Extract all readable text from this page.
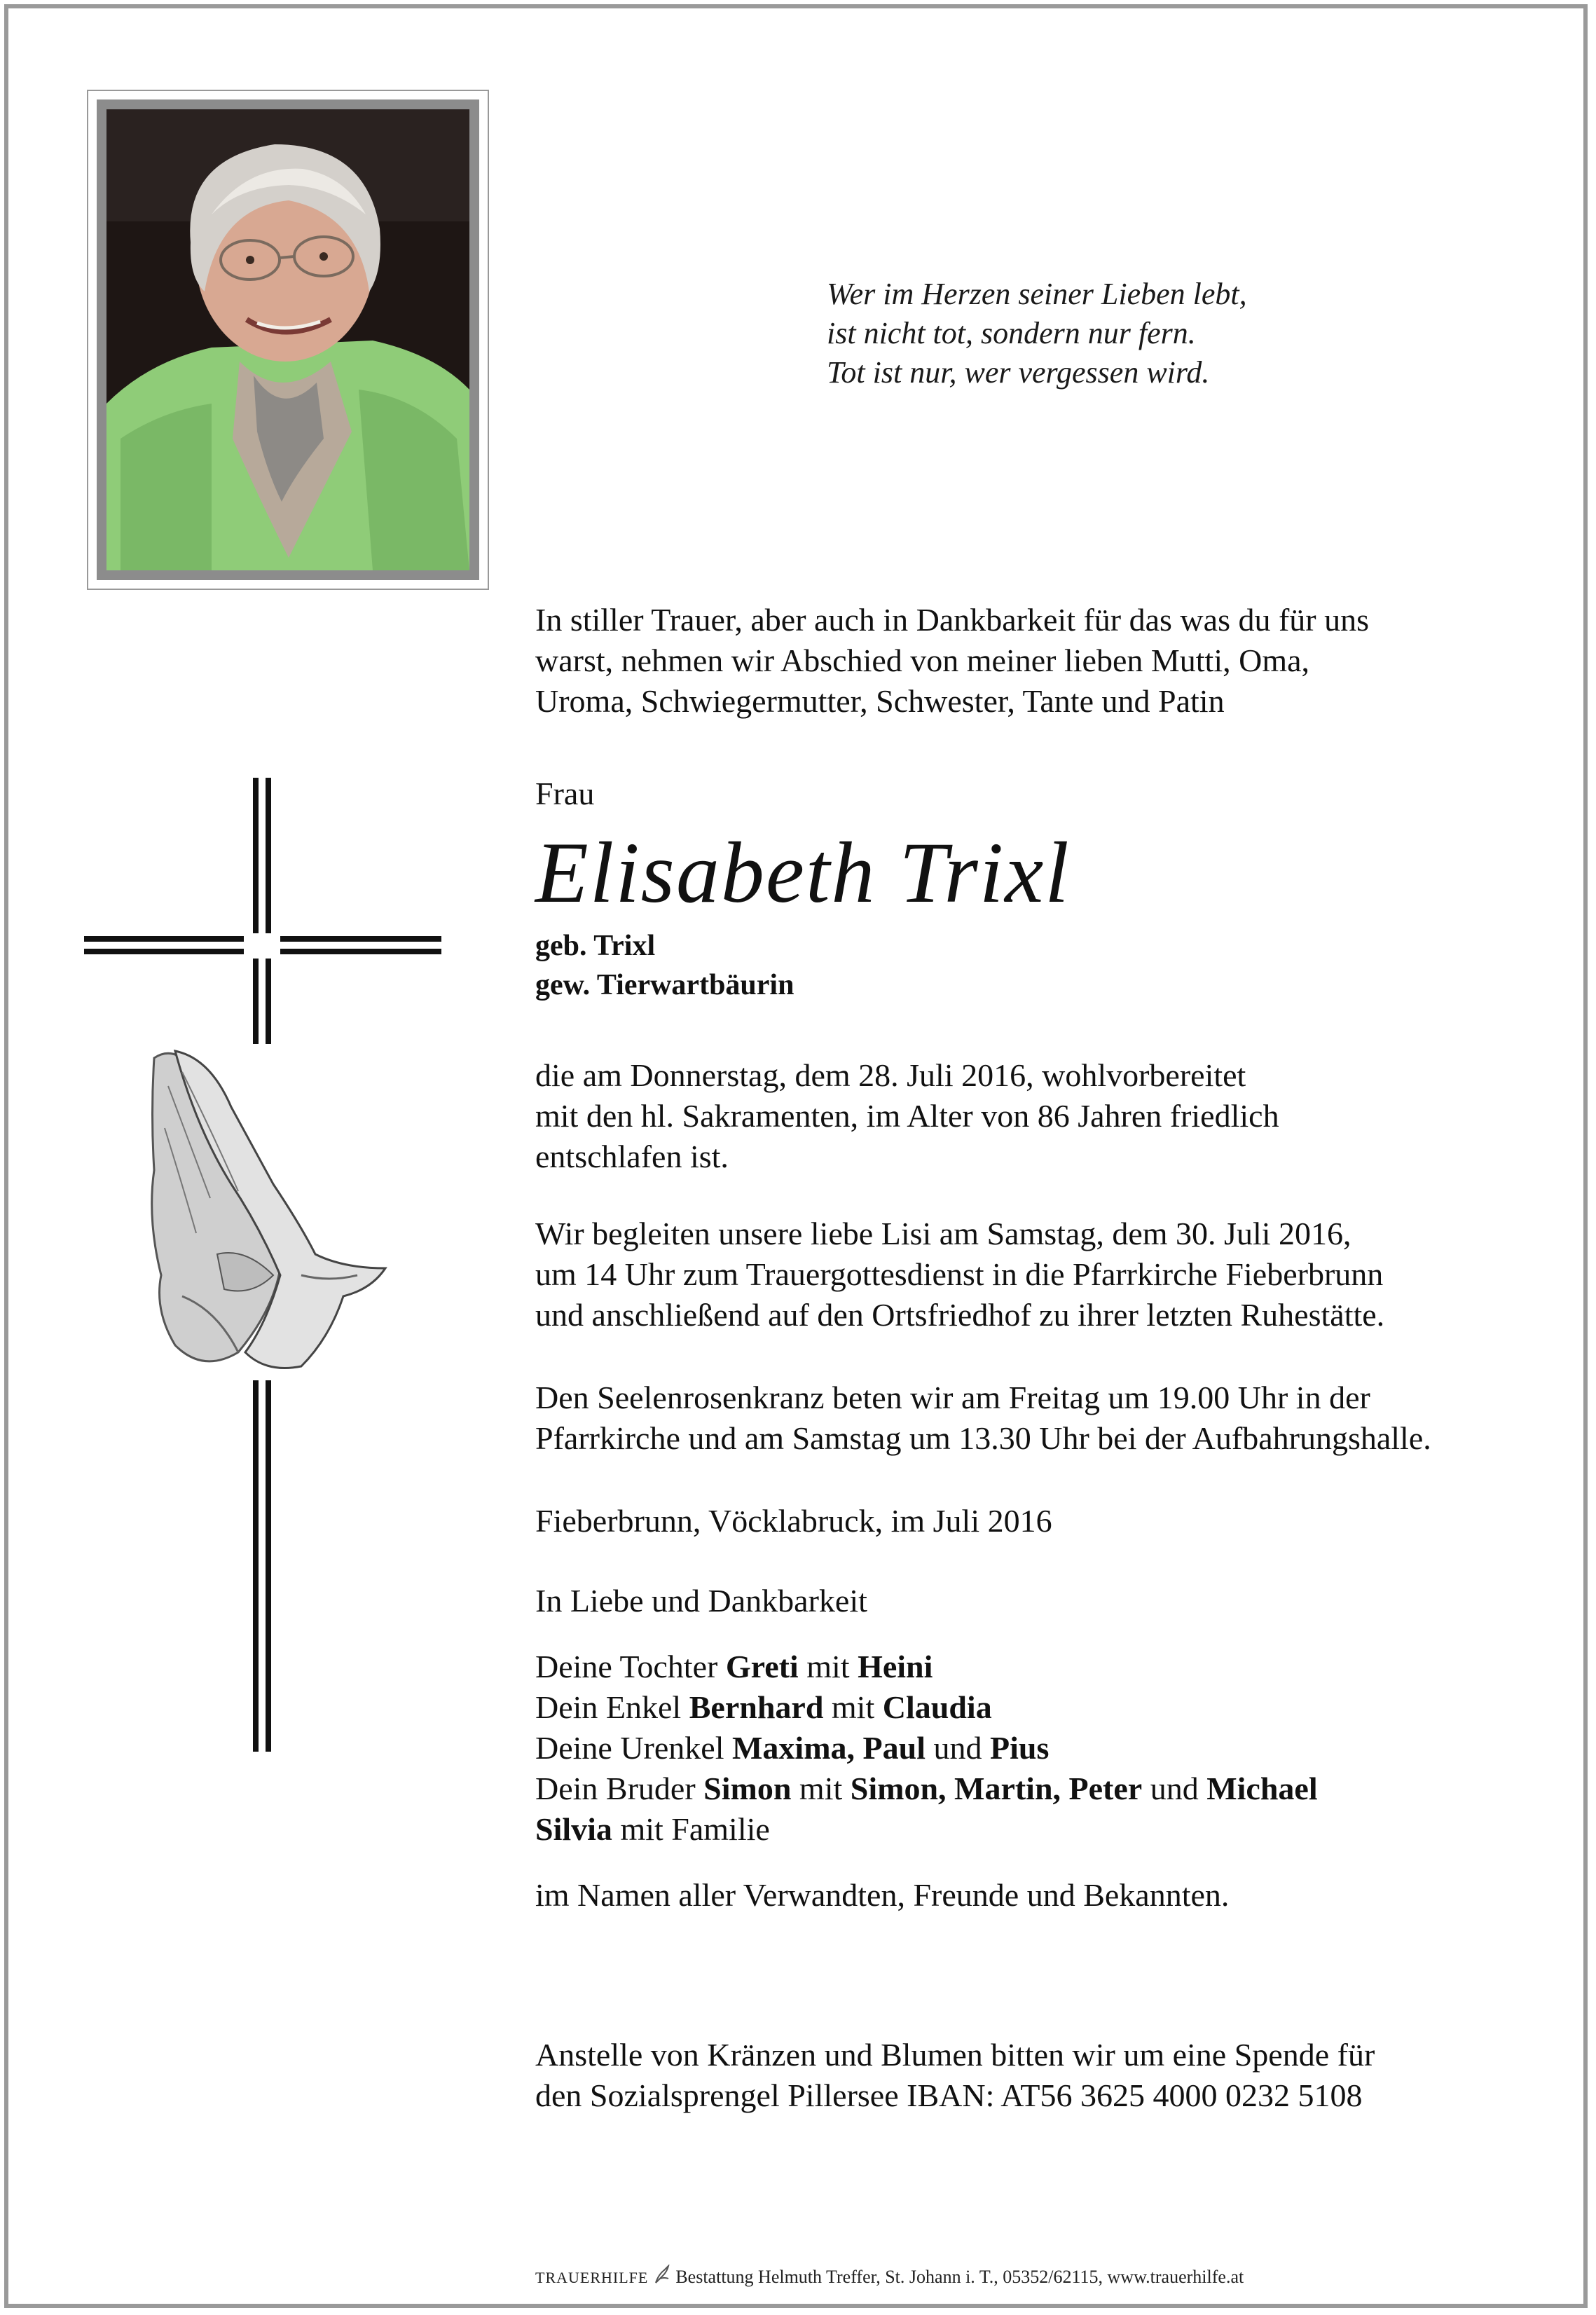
Wer im Herzen seiner Lieben lebt,
ist nicht tot, sondern nur fern.
Tot ist nur, wer vergessen wird.
In stiller Trauer, aber auch in Dankbarkeit für das was du für uns
warst, nehmen wir Abschied von meiner lieben Mutti, Oma,
Uroma, Schwiegermutter, Schwester, Tante und Patin
Frau
Elisabeth Trixl
geb. Trixl
gew. Tierwartbäurin
die am Donnerstag, dem 28. Juli 2016, wohlvorbereitet
mit den hl. Sakramenten, im Alter von 86 Jahren friedlich
entschlafen ist.
Wir begleiten unsere liebe Lisi am Samstag, dem 30. Juli 2016,
um 14 Uhr zum Trauergottesdienst in die Pfarrkirche Fieberbrunn
und anschließend auf den Ortsfriedhof zu ihrer letzten Ruhestätte.
Den Seelenrosenkranz beten wir am Freitag um 19.00 Uhr in der
Pfarrkirche und am Samstag um 13.30 Uhr bei der Aufbahrungshalle.
Fieberbrunn, Vöcklabruck, im Juli 2016
In Liebe und Dankbarkeit
Deine Tochter Greti mit Heini
Dein Enkel Bernhard mit Claudia
Deine Urenkel Maxima, Paul und Pius
Dein Bruder Simon mit Simon, Martin, Peter und Michael
Silvia mit Familie
im Namen aller Verwandten, Freunde und Bekannten.
Anstelle von Kränzen und Blumen bitten wir um eine Spende für
den Sozialsprengel Pillersee IBAN: AT56 3625 4000 0232 5108
TRAUERHILFE Bestattung Helmuth Treffer, St. Johann i. T., 05352/62115, www.trauerhilfe.at
